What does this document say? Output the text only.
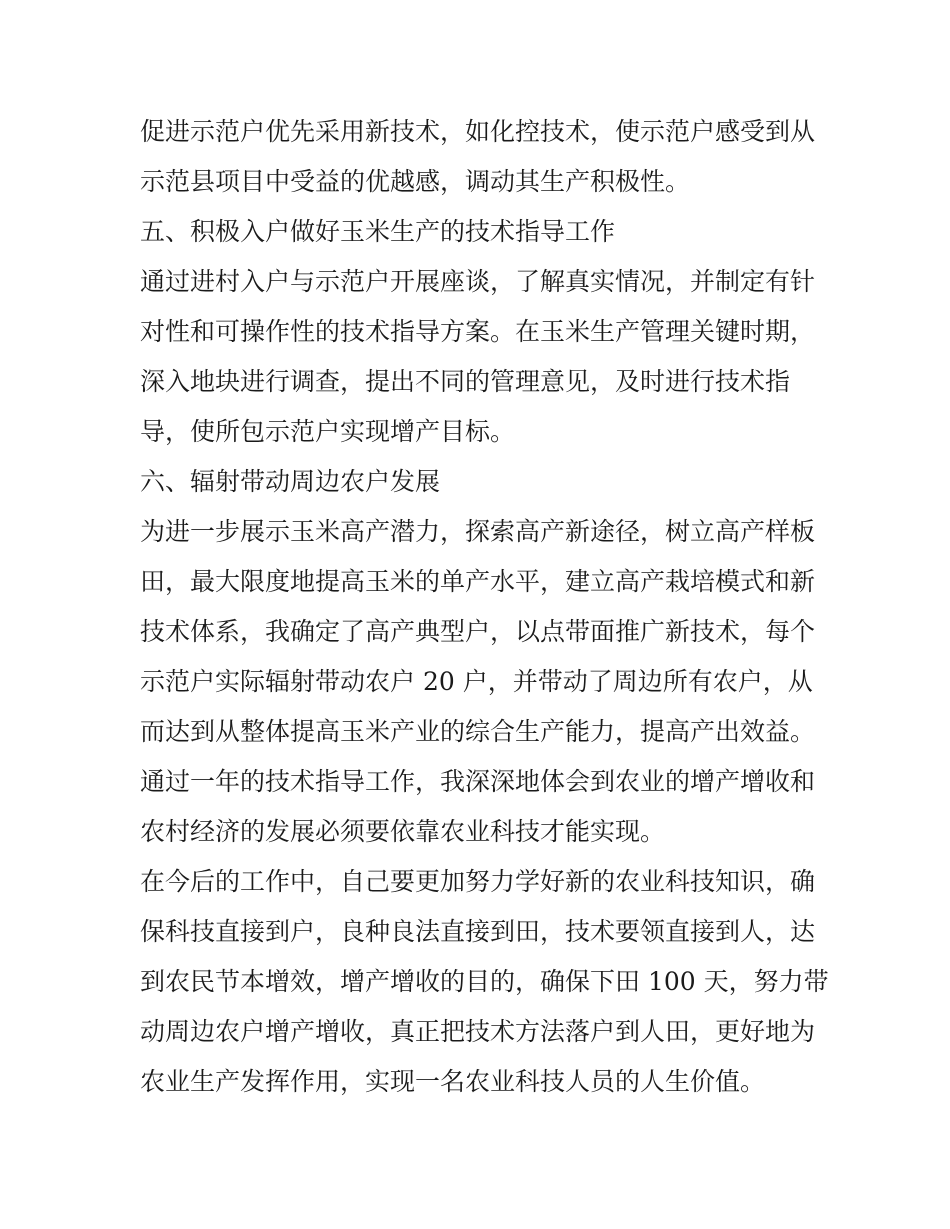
促进示范户优先采用新技术，如化控技术，使示范户感受到从
示范县项目中受益的优越感，调动其生产积极性。
五、积极入户做好玉米生产的技术指导工作
通过进村入户与示范户开展座谈，了解真实情况，并制定有针
对性和可操作性的技术指导方案。在玉米生产管理关键时期，
深入地块进行调查，提出不同的管理意见，及时进行技术指
导，使所包示范户实现增产目标。
六、辐射带动周边农户发展
为进一步展示玉米高产潜力，探索高产新途径，树立高产样板
田，最大限度地提高玉米的单产水平，建立高产栽培模式和新
技术体系，我确定了高产典型户，以点带面推广新技术，每个
示范户实际辐射带动农户 20 户，并带动了周边所有农户，从
而达到从整体提高玉米产业的综合生产能力，提高产出效益。
通过一年的技术指导工作，我深深地体会到农业的增产增收和
农村经济的发展必须要依靠农业科技才能实现。
在今后的工作中，自己要更加努力学好新的农业科技知识，确
保科技直接到户，良种良法直接到田，技术要领直接到人，达
到农民节本增效，增产增收的目的，确保下田 100 天，努力带
动周边农户增产增收，真正把技术方法落户到人田，更好地为
农业生产发挥作用，实现一名农业科技人员的人生价值。
